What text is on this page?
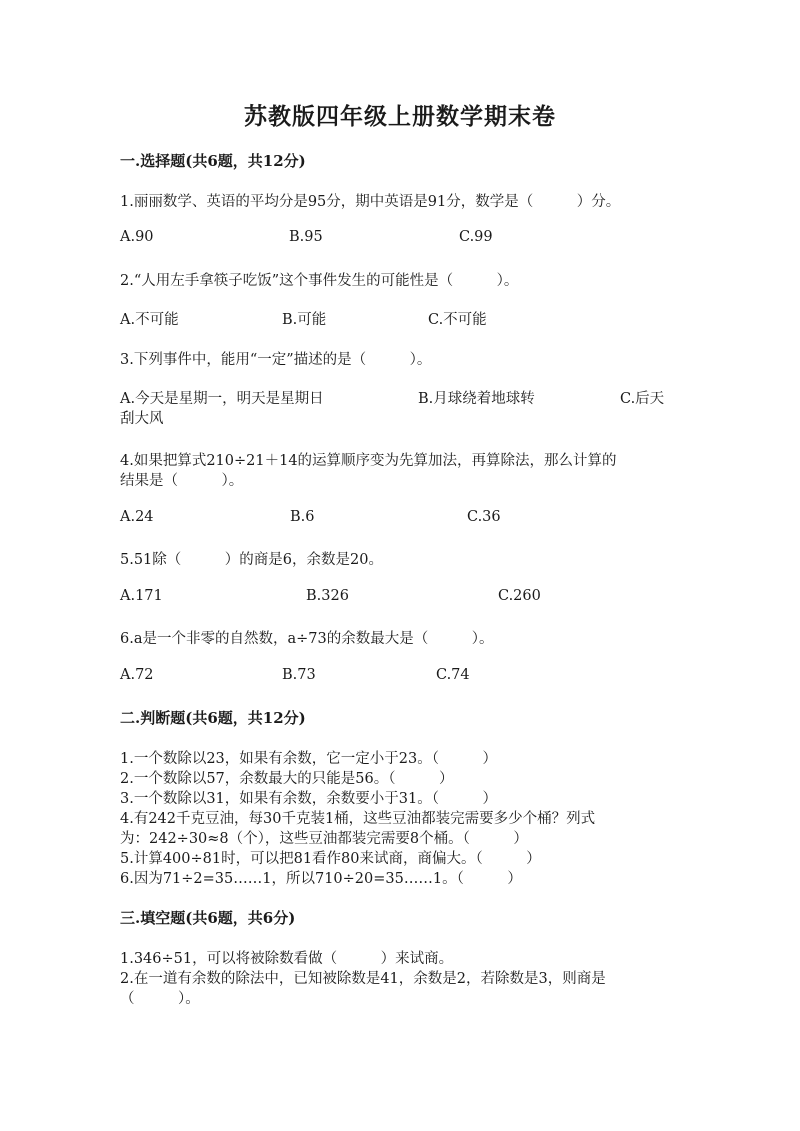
苏教版四年级上册数学期末卷
一.选择题(共6题，共12分)
1.丽丽数学、英语的平均分是95分，期中英语是91分，数学是（　　　）分。
A.90	B.95	C.99
2.“人用左手拿筷子吃饭”这个事件发生的可能性是（　　　）。
A.不可能	B.可能	C.不可能
3.下列事件中，能用“一定”描述的是（　　　）。
A.今天是星期一，明天是星期日	B.月球绕着地球转	C.后天
刮大风
4.如果把算式210÷21＋14的运算顺序变为先算加法，再算除法，那么计算的
结果是（　　　）。
A.24	B.6	C.36
5.51除（　　　）的商是6，余数是20。
A.171	B.326	C.260
6.a是一个非零的自然数，a÷73的余数最大是（　　　）。
A.72	B.73	C.74
二.判断题(共6题，共12分)
1.一个数除以23，如果有余数，它一定小于23。（　　　）
2.一个数除以57，余数最大的只能是56。（　　　）
3.一个数除以31，如果有余数，余数要小于31。（　　　）
4.有242千克豆油，每30千克装1桶，这些豆油都装完需要多少个桶？列式
为：242÷30≈8（个），这些豆油都装完需要8个桶。（　　　）
5.计算400÷81时，可以把81看作80来试商，商偏大。（　　　）
6.因为71÷2=35……1，所以710÷20=35……1。（　　　）
三.填空题(共6题，共6分)
1.346÷51，可以将被除数看做（　　　）来试商。
2.在一道有余数的除法中，已知被除数是41，余数是2，若除数是3，则商是
（　　　）。
